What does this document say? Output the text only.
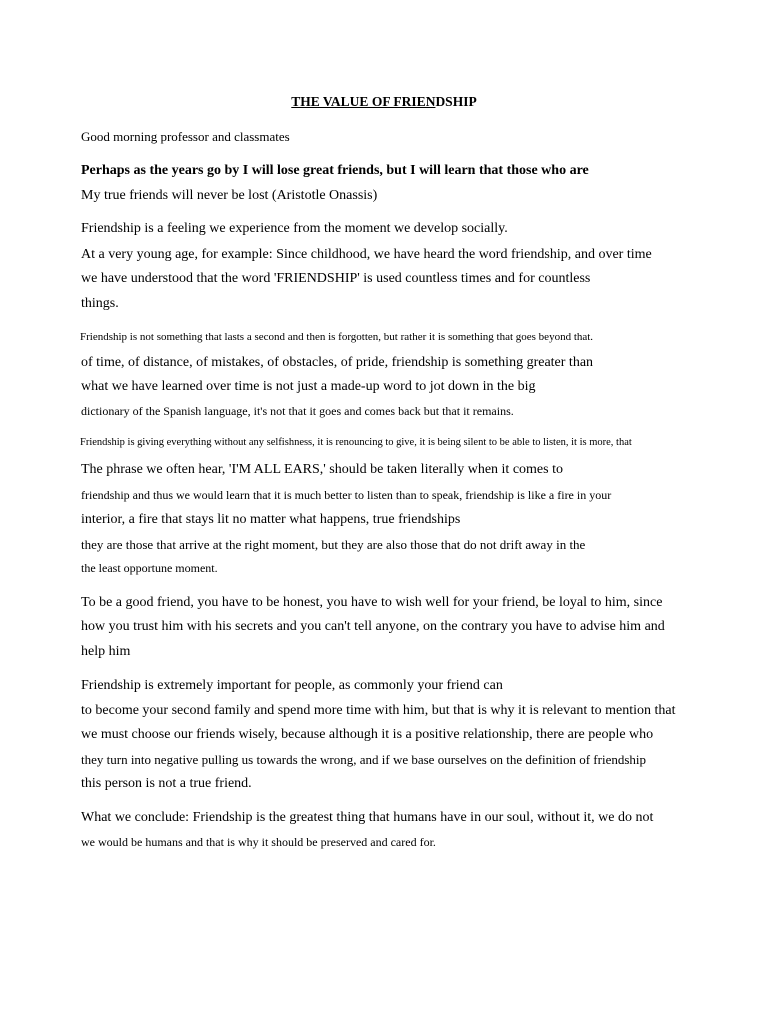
THE VALUE OF FRIENDSHIP
Good morning professor and classmates
Perhaps as the years go by I will lose great friends, but I will learn that those who are
My true friends will never be lost (Aristotle Onassis)
Friendship is a feeling we experience from the moment we develop socially.
At a very young age, for example: Since childhood, we have heard the word friendship, and over time
we have understood that the word 'FRIENDSHIP' is used countless times and for countless
things.
Friendship is not something that lasts a second and then is forgotten, but rather it is something that goes beyond that.
of time, of distance, of mistakes, of obstacles, of pride, friendship is something greater than
what we have learned over time is not just a made-up word to jot down in the big
dictionary of the Spanish language, it's not that it goes and comes back but that it remains.
Friendship is giving everything without any selfishness, it is renouncing to give, it is being silent to be able to listen, it is more, that
The phrase we often hear, 'I'M ALL EARS,' should be taken literally when it comes to
friendship and thus we would learn that it is much better to listen than to speak, friendship is like a fire in your
interior, a fire that stays lit no matter what happens, true friendships
they are those that arrive at the right moment, but they are also those that do not drift away in the
the least opportune moment.
To be a good friend, you have to be honest, you have to wish well for your friend, be loyal to him, since
how you trust him with his secrets and you can't tell anyone, on the contrary you have to advise him and
help him
Friendship is extremely important for people, as commonly your friend can
to become your second family and spend more time with him, but that is why it is relevant to mention that
we must choose our friends wisely, because although it is a positive relationship, there are people who
they turn into negative pulling us towards the wrong, and if we base ourselves on the definition of friendship
this person is not a true friend.
What we conclude: Friendship is the greatest thing that humans have in our soul, without it, we do not
we would be humans and that is why it should be preserved and cared for.
